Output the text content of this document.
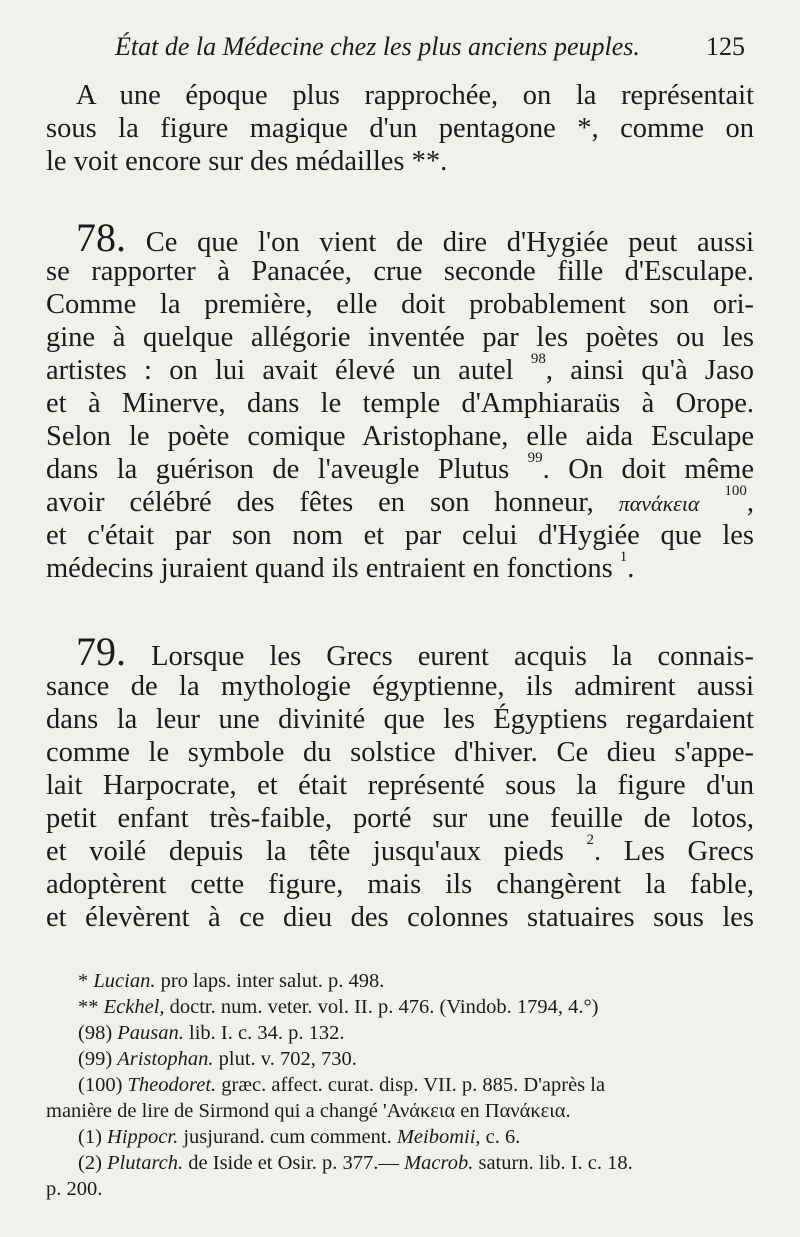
État de la Médecine chez les plus anciens peuples.	125
A une époque plus rapprochée, on la représentait
sous la figure magique d'un pentagone *, comme on
le voit encore sur des médailles **.
78. Ce que l'on vient de dire d'Hygiée peut aussi
se rapporter à Panacée, crue seconde fille d'Esculape.
Comme la première, elle doit probablement son ori-
gine à quelque allégorie inventée par les poètes ou les
artistes : on lui avait élevé un autel $^{98}$, ainsi qu'à Jaso
et à Minerve, dans le temple d'Amphiaraüs à Orope.
Selon le poète comique Aristophane, elle aida Esculape
dans la guérison de l'aveugle Plutus $^{99}$. On doit même
avoir célébré des fêtes en son honneur, πανάκεια $^{100}$,
et c'était par son nom et par celui d'Hygiée que les
médecins juraient quand ils entraient en fonctions $^1$.
79. Lorsque les Grecs eurent acquis la connais-
sance de la mythologie égyptienne, ils admirent aussi
dans la leur une divinité que les Égyptiens regardaient
comme le symbole du solstice d'hiver. Ce dieu s'appe-
lait Harpocrate, et était représenté sous la figure d'un
petit enfant très-faible, porté sur une feuille de lotos,
et voilé depuis la tête jusqu'aux pieds $^2$. Les Grecs
adoptèrent cette figure, mais ils changèrent la fable,
et élevèrent à ce dieu des colonnes statuaires sous les
* Lucian. pro laps. inter salut. p. 498.
** Eckhel, doctr. num. veter. vol. II. p. 476. (Vindob. 1794, 4.°)
(98) Pausan. lib. I. c. 34. p. 132.
(99) Aristophan. plut. v. 702, 730.
(100) Theodoret. græc. affect. curat. disp. VII. p. 885. D'après la
manière de lire de Sirmond qui a changé 'Ανάκεια en Πανάκεια.
(1) Hippocr. jusjurand. cum comment. Meibomii, c. 6.
(2) Plutarch. de Iside et Osir. p. 377.— Macrob. saturn. lib. I. c. 18.
p. 200.
